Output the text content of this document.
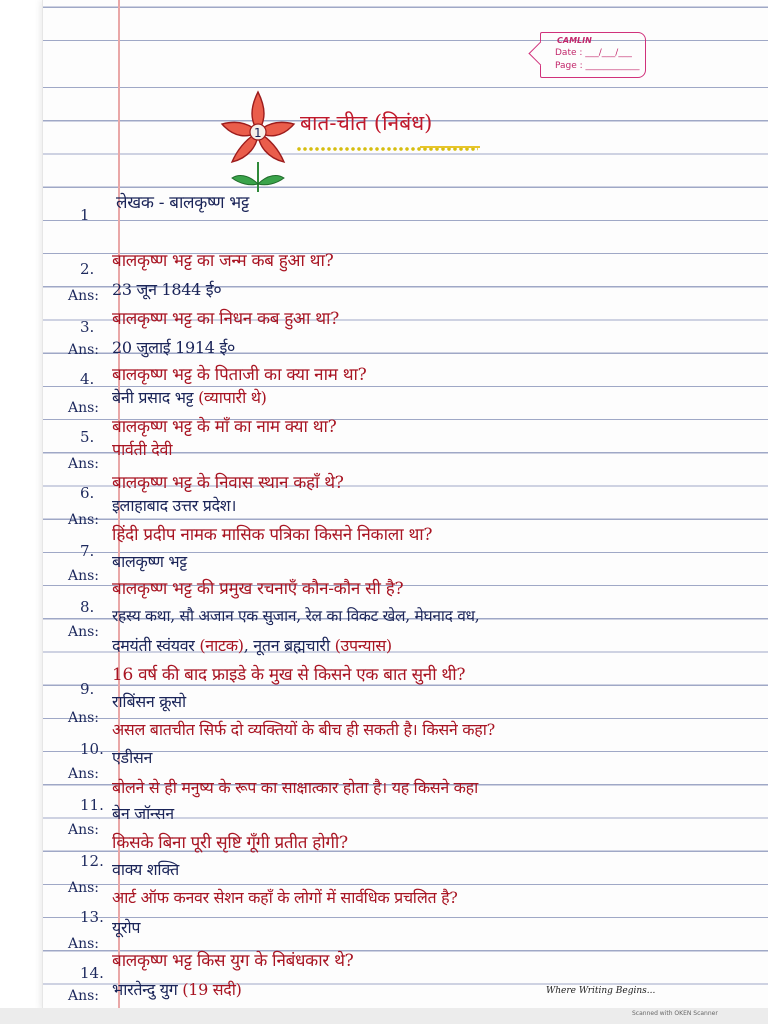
CAMLIN
Date : ___/___/___
Page : ____________
1 बात-चीत (निबंध)
लेखक - बालकृष्ण भट्ट
1
2. बालकृष्ण भट्ट का जन्म कब हुआ था?
Ans: 23 जून 1844 ई०
3. बालकृष्ण भट्ट का निधन कब हुआ था?
Ans: 20 जुलाई 1914 ई०
4. बालकृष्ण भट्ट के पिताजी का क्या नाम था?
Ans:
बेनी प्रसाद भट्ट (व्यापारी थे)
5. बालकृष्ण भट्ट के माँ का नाम क्या था?
Ans:
पार्वती देवी
6. बालकृष्ण भट्ट के निवास स्थान कहाँ थे?
Ans:
इलाहाबाद उत्तर प्रदेश।
7.
हिंदी प्रदीप नामक मासिक पत्रिका किसने निकाला था?
Ans:
बालकृष्ण भट्ट
8.
बालकृष्ण भट्ट की प्रमुख रचनाएँ कौन-कौन सी है?
Ans:
रहस्य कथा, सौ अजान एक सुजान, रेल का विकट खेल, मेघनाद वध,
दमयंती स्वंयवर (नाटक), नूतन ब्रह्मचारी (उपन्यास)
9.
16 वर्ष की बाद फ्राइडे के मुख से किसने एक बात सुनी थी?
Ans:
राबिंसन क्रूसो
10.
असल बातचीत सिर्फ दो व्यक्तियों के बीच ही सकती है। किसने कहा?
Ans:
एडीसन
11.
बोलने से ही मनुष्य के रूप का साक्षात्कार होता है। यह किसने कहा
Ans:
बेन जॉन्सन
12.
किसके बिना पूरी सृष्टि गूँगी प्रतीत होगी?
Ans:
वाक्य शक्ति
13.
आर्ट ऑफ कनवर सेशन कहाँ के लोगों में सार्वधिक प्रचलित है?
Ans:
यूरोप
14.
बालकृष्ण भट्ट किस युग के निबंधकार थे?
Ans: भारतेन्दु युग (19 सदी)	Where Writing Begins...
Scanned with OKEN Scanner
